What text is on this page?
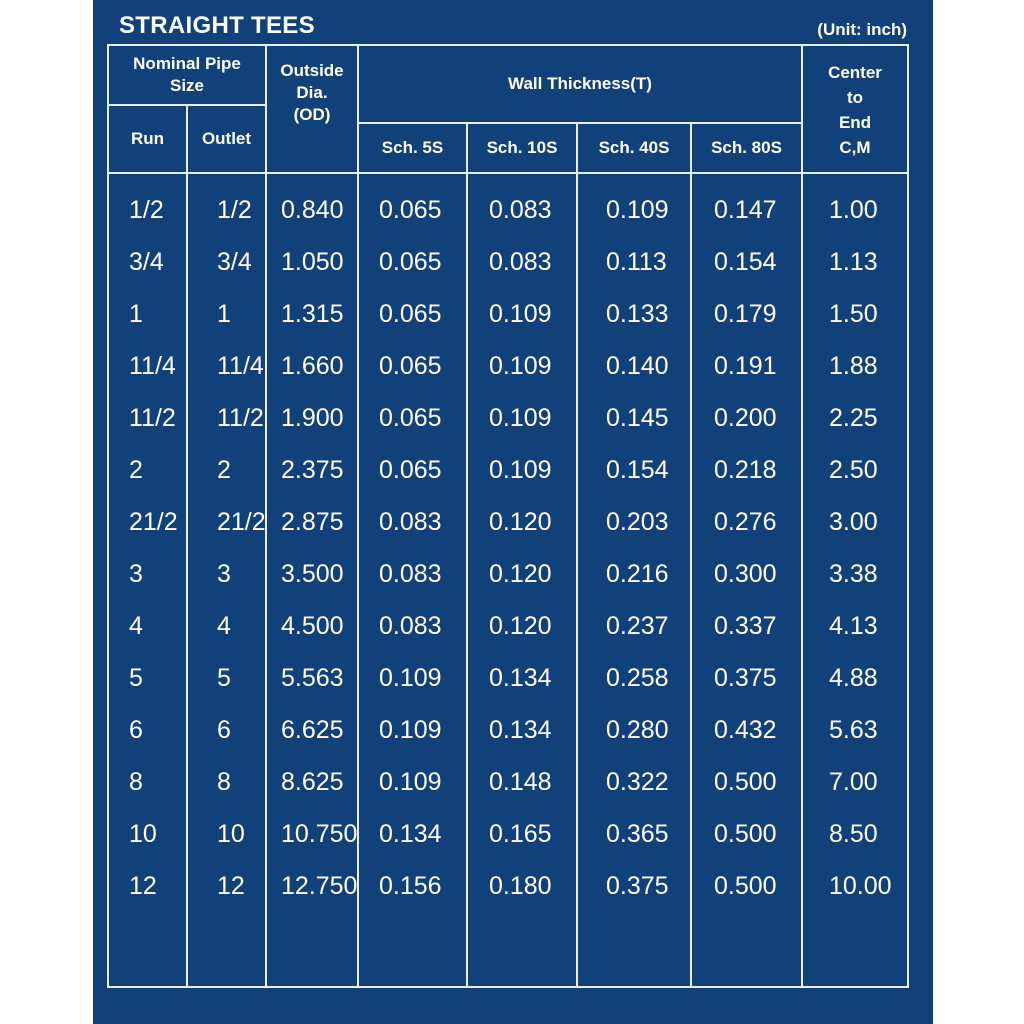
STRAIGHT TEES	(Unit: inch)
Nominal Pipe Size
Run	Outlet
Outside
Dia.
(OD)
Wall Thickness(T)
Sch. 5S	Sch. 10S	Sch. 40S	Sch. 80S
Center
to
End
C,M
1/2 1/2 0.840 0.065 0.083 0.109 0.147 1.00
3/4 3/4 1.050 0.065 0.083 0.113 0.154 1.13
1	1 1.315 0.065 0.109 0.133 0.179 1.50
11/4 11/4 1.660 0.065 0.109 0.140 0.191 1.88
11/2 11/2 1.900 0.065 0.109 0.145 0.200 2.25
2	2 2.375 0.065 0.109 0.154 0.218 2.50
21/2 21/2 2.875 0.083 0.120 0.203 0.276 3.00
3	3 3.500 0.083 0.120 0.216 0.300 3.38
4	4 4.500 0.083 0.120 0.237 0.337 4.13
5	5 5.563 0.109 0.134 0.258 0.375 4.88
6	6 6.625 0.109 0.134 0.280 0.432 5.63
8	8 8.625 0.109 0.148 0.322 0.500 7.00
10 10 10.750 0.134 0.165 0.365 0.500 8.50
12 12 12.750 0.156 0.180 0.375 0.500 10.00
